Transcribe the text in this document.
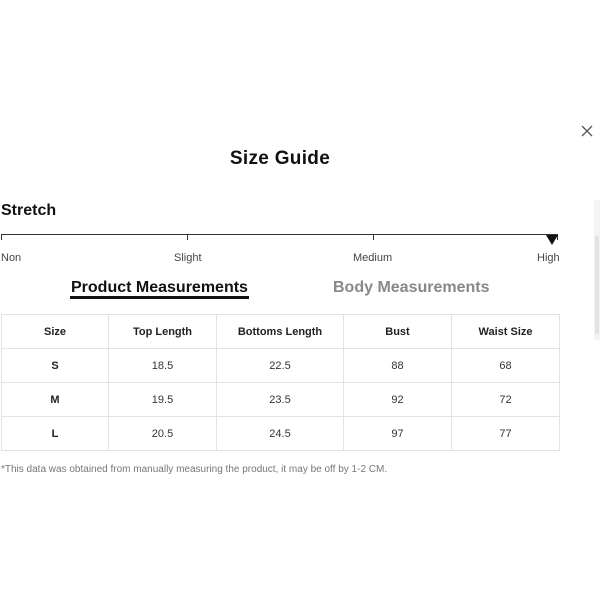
Size Guide
Stretch
Non	Slight	Medium	High
Product Measurements	Body Measurements
Size	Top Length	Bottoms Length	Bust	Waist Size
S	18.5	22.5	88	68
M	19.5	23.5	92	72
L	20.5	24.5	97	77
*This data was obtained from manually measuring the product, it may be off by 1-2 CM.
